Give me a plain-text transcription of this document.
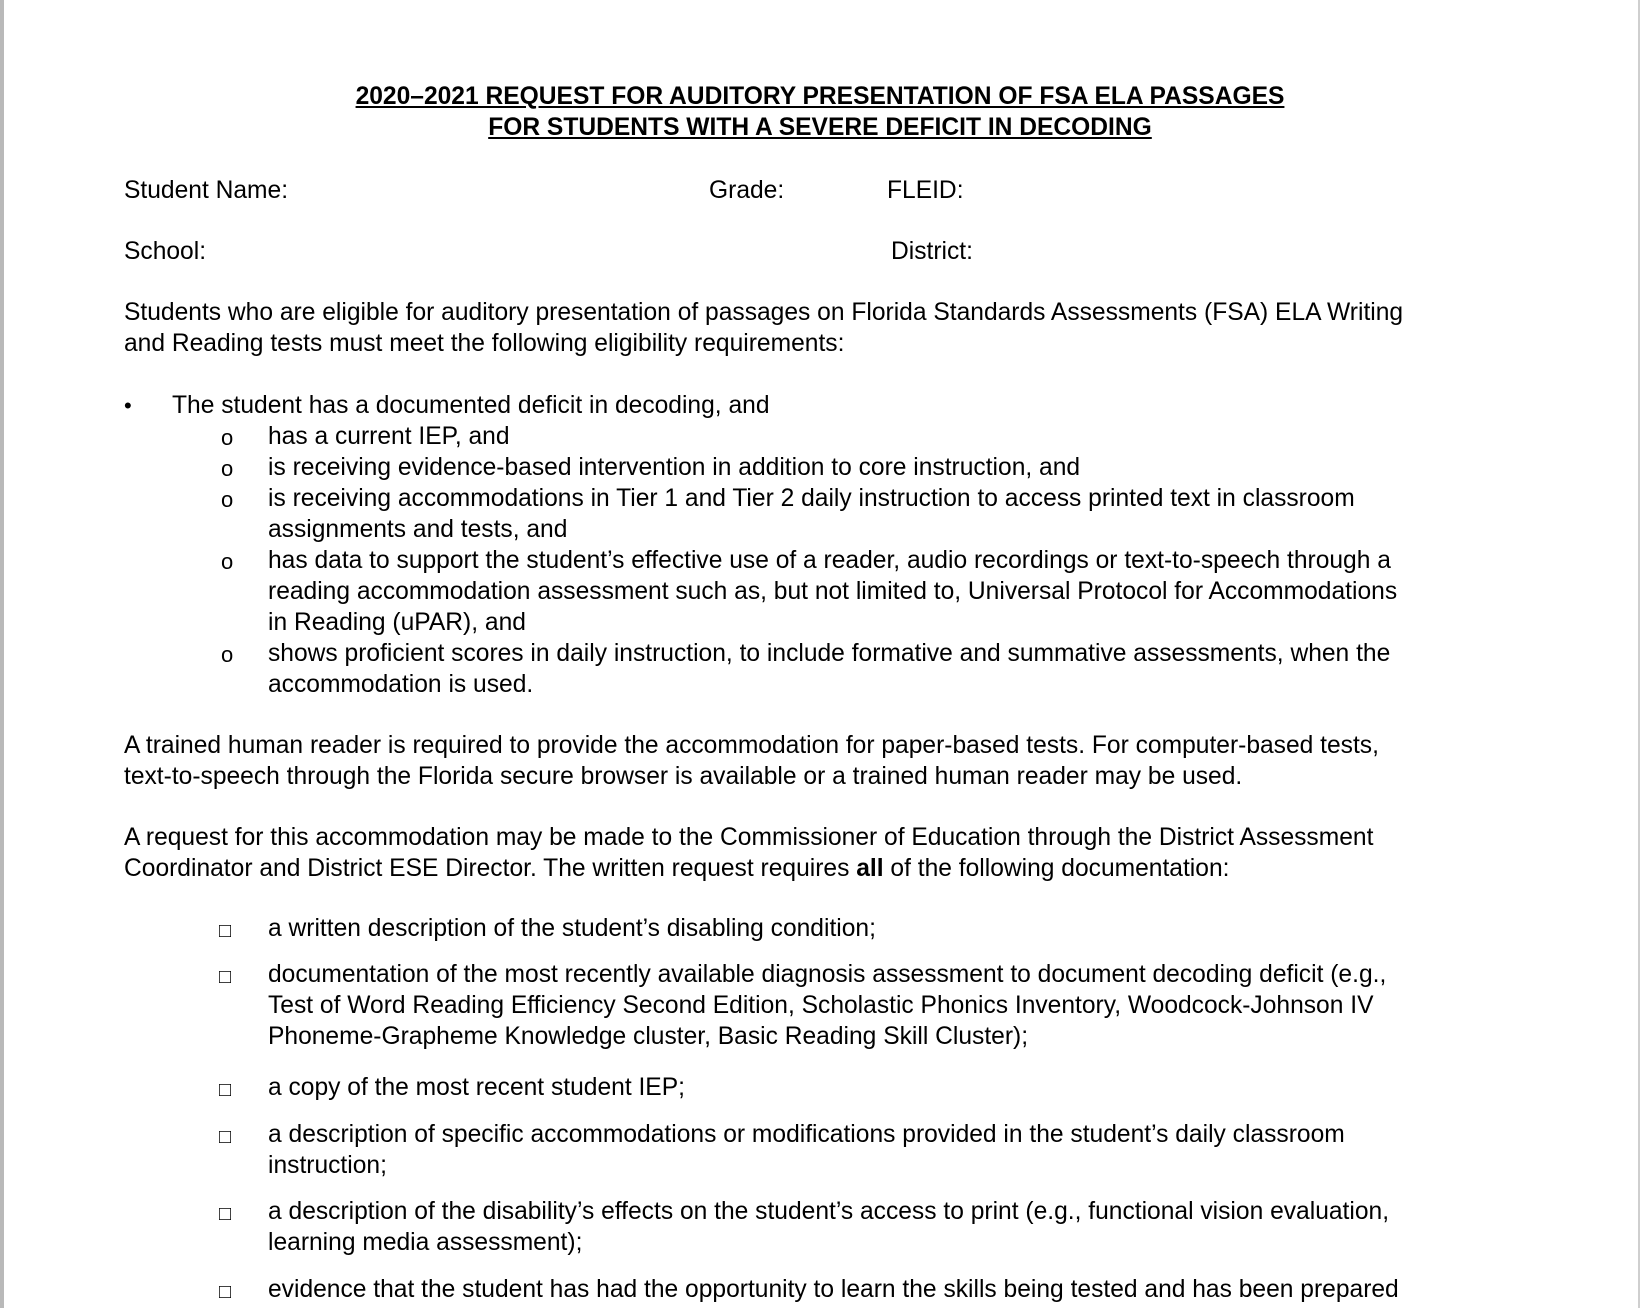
2020–2021 REQUEST FOR AUDITORY PRESENTATION OF FSA ELA PASSAGES
FOR STUDENTS WITH A SEVERE DEFICIT IN DECODING
Student Name:	Grade:	FLEID:
School:	District:
Students who are eligible for auditory presentation of passages on Florida Standards Assessments (FSA) ELA Writing
and Reading tests must meet the following eligibility requirements:
• The student has a documented deficit in decoding, and
o has a current IEP, and
o is receiving evidence-based intervention in addition to core instruction, and
o is receiving accommodations in Tier 1 and Tier 2 daily instruction to access printed text in classroom
assignments and tests, and
o has data to support the student’s effective use of a reader, audio recordings or text-to-speech through a
reading accommodation assessment such as, but not limited to, Universal Protocol for Accommodations
in Reading (uPAR), and
o shows proficient scores in daily instruction, to include formative and summative assessments, when the
accommodation is used.
A trained human reader is required to provide the accommodation for paper-based tests. For computer-based tests,
text-to-speech through the Florida secure browser is available or a trained human reader may be used.
A request for this accommodation may be made to the Commissioner of Education through the District Assessment
Coordinator and District ESE Director. The written request requires all of the following documentation:
□ a written description of the student’s disabling condition;
□ documentation of the most recently available diagnosis assessment to document decoding deficit (e.g.,
Test of Word Reading Efficiency Second Edition, Scholastic Phonics Inventory, Woodcock-Johnson IV
Phoneme-Grapheme Knowledge cluster, Basic Reading Skill Cluster);
□ a copy of the most recent student IEP;
□ a description of specific accommodations or modifications provided in the student’s daily classroom
instruction;
□ a description of the disability’s effects on the student’s access to print (e.g., functional vision evaluation,
learning media assessment);
□ evidence that the student has had the opportunity to learn the skills being tested and has been prepared
